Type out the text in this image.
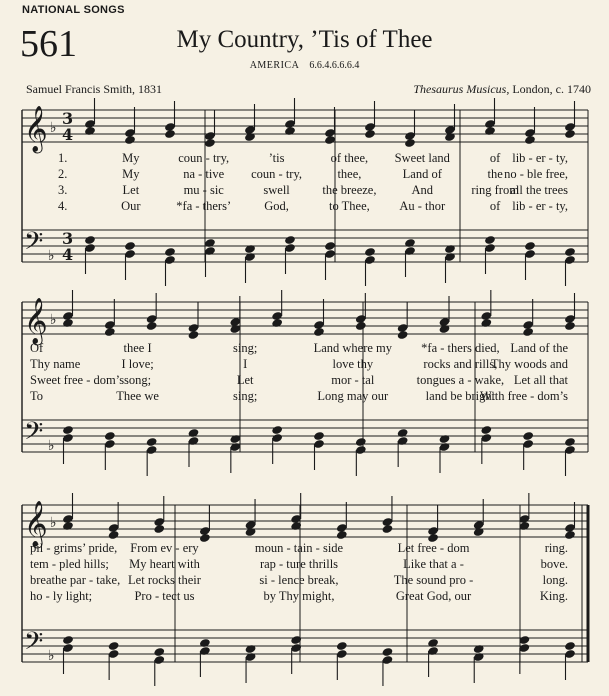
NATIONAL SONGS
561	My Country, ’Tis of Thee
AMERICA 6.6.4.6.6.6.4
Samuel Francis Smith, 1831	Thesaurus Musicus, London, c. 1740
𝄞 ♭ 3
4
𝄢 ♭
3
4
1.	My	coun - try,	’tis	of thee, Sweet land	of lib - er - ty,
2.	My	na - tive coun - try,	thee,	Land of	the no - ble free,
3.	Let	mu - sic	swell	the breeze,	And	ring from
all the trees
4.	Our	*fa - thers’	God,	to Thee, Au - thor	of lib - er - ty,
𝄞 ♭
𝄢 ♭
Of	thee I	sing;	Land where my *fa - thers died, Land of the
Thy name	I love;	I	love thy	rocks and rills,
Thy woods and
Sweet free - dom’s song;	Let	mor - tal	tongues a - wake, Let all that
To	Thee we	sing;	Long may our	land be bright
With free - dom’s
𝄞 ♭
𝄢 ♭
pil - grims’ pride, From ev - ery	moun - tain - side	Let free - dom	ring.
tem - pled hills; My heart with	rap - ture thrills	Like that a -	bove.
breathe par - take, Let rocks their	si - lence break,	The sound pro -	long.
ho - ly light;	Pro - tect us	by Thy might,	Great God, our	King.
